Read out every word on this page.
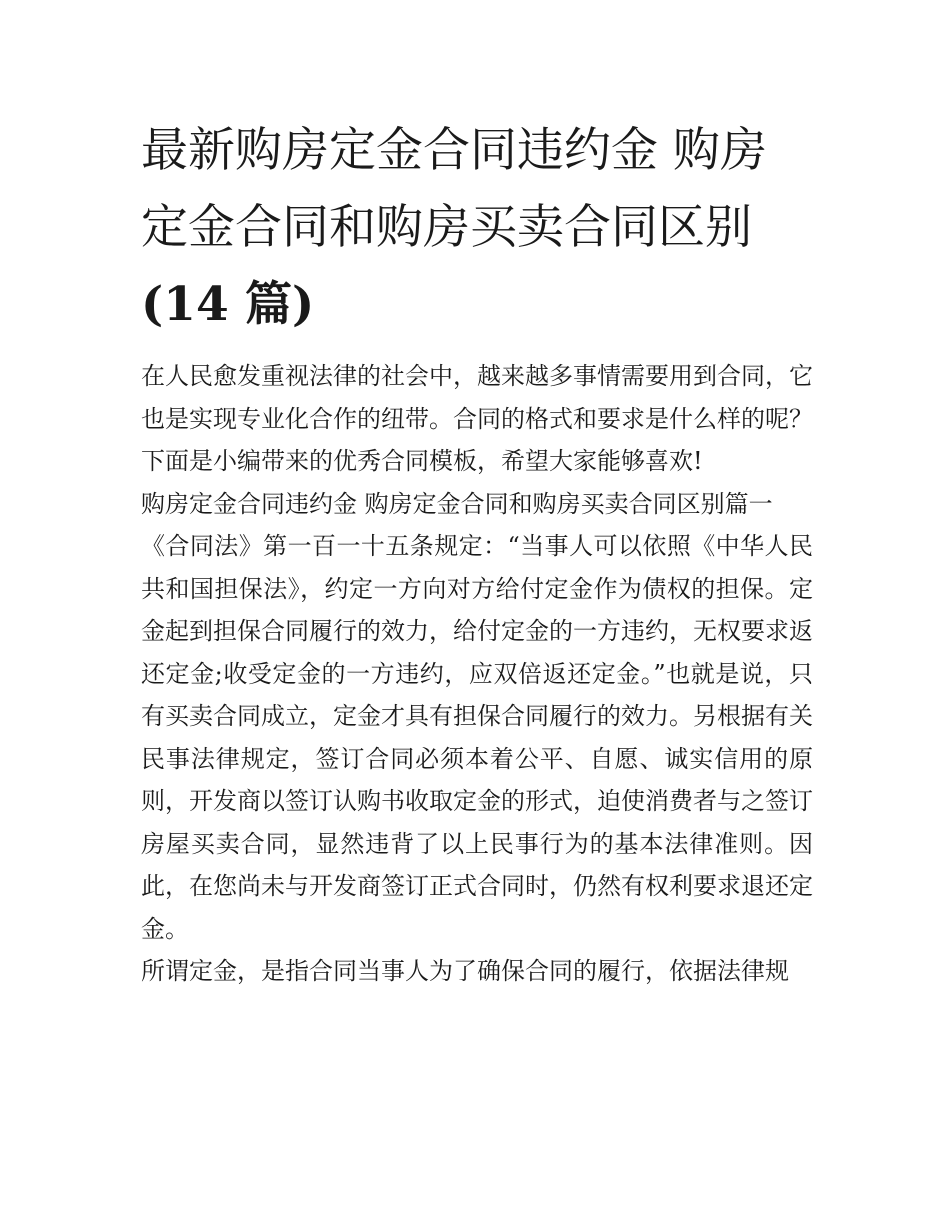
最新购房定金合同违约金 购房
定金合同和购房买卖合同区别
(14 篇)

在人民愈发重视法律的社会中，越来越多事情需要用到合同，它也是实现专业化合作的纽带。合同的格式和要求是什么样的呢？下面是小编带来的优秀合同模板，希望大家能够喜欢!

购房定金合同违约金 购房定金合同和购房买卖合同区别篇一

《合同法》第一百一十五条规定：“当事人可以依照《中华人民共和国担保法》，约定一方向对方给付定金作为债权的担保。定金起到担保合同履行的效力，给付定金的一方违约，无权要求返还定金;收受定金的一方违约，应双倍返还定金。”也就是说，只有买卖合同成立，定金才具有担保合同履行的效力。另根据有关民事法律规定，签订合同必须本着公平、自愿、诚实信用的原则，开发商以签订认购书收取定金的形式，迫使消费者与之签订房屋买卖合同，显然违背了以上民事行为的基本法律准则。因此，在您尚未与开发商签订正式合同时，仍然有权利要求退还定金。

所谓定金，是指合同当事人为了确保合同的履行，依据法律规
